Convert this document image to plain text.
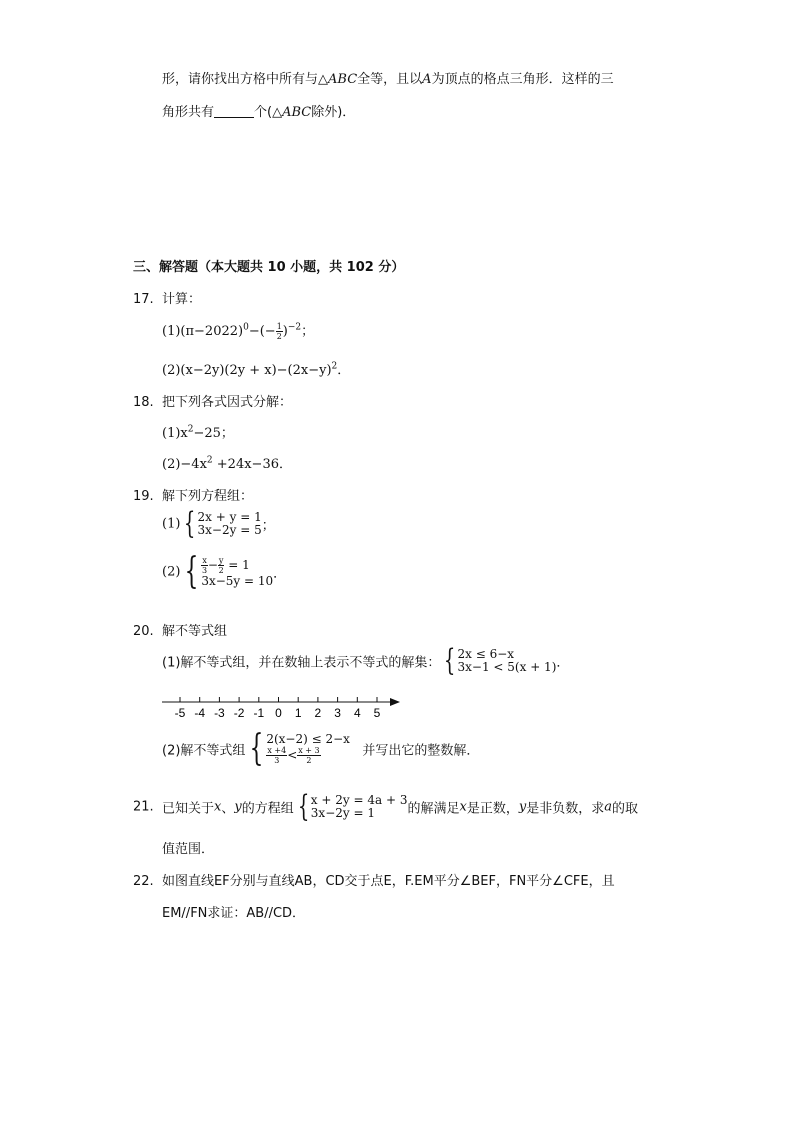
形，请你找出方格中所有与△ABC全等，且以A为顶点的格点三角形．这样的三
角形共有	个(△ABC除外)．
三、解答题（本大题共 10 小题，共 102 分）
17. 计算：
$(1)(\pi-2022)^0-(- \frac{1}{2} )^{-2}$；
$(2)(x-2y)(2y + x)-(2x-y)^2$．
18. 把下列各式因式分解：
$(1)x^2-25$；
$(2)-4x^2 +24x-36$．
19. 解下列方程组：
(1) { 2x + y = 1
3x−2y = 5 ；
(2) { $\frac{x}{3} - \frac{y}{2} = 1$
3x−5y = 10 ．
20. 解不等式组
(1)解不等式组，并在数轴上表示不等式的解集： { 2x ≤ 6−x
3x−1 < 5(x + 1) ．
-5 -4 -3 -2 -1 0 1 2 3 4 5
(2)解不等式组 { 2(x−2) ≤ 2−x
$\frac{x +4}{3} < \frac{x + 3}{2}$	并写出它的整数解．
21. 已知关于x、y的方程组 { x + 2y = 4a + 3
3x−2y = 1	的解满足x是正数，y是非负数，求a的取
值范围．
22. 如图直线EF分别与直线AB，CD交于点E，F.EM平分∠BEF，FN平分∠CFE，且
EM//FN求证：AB//CD．
